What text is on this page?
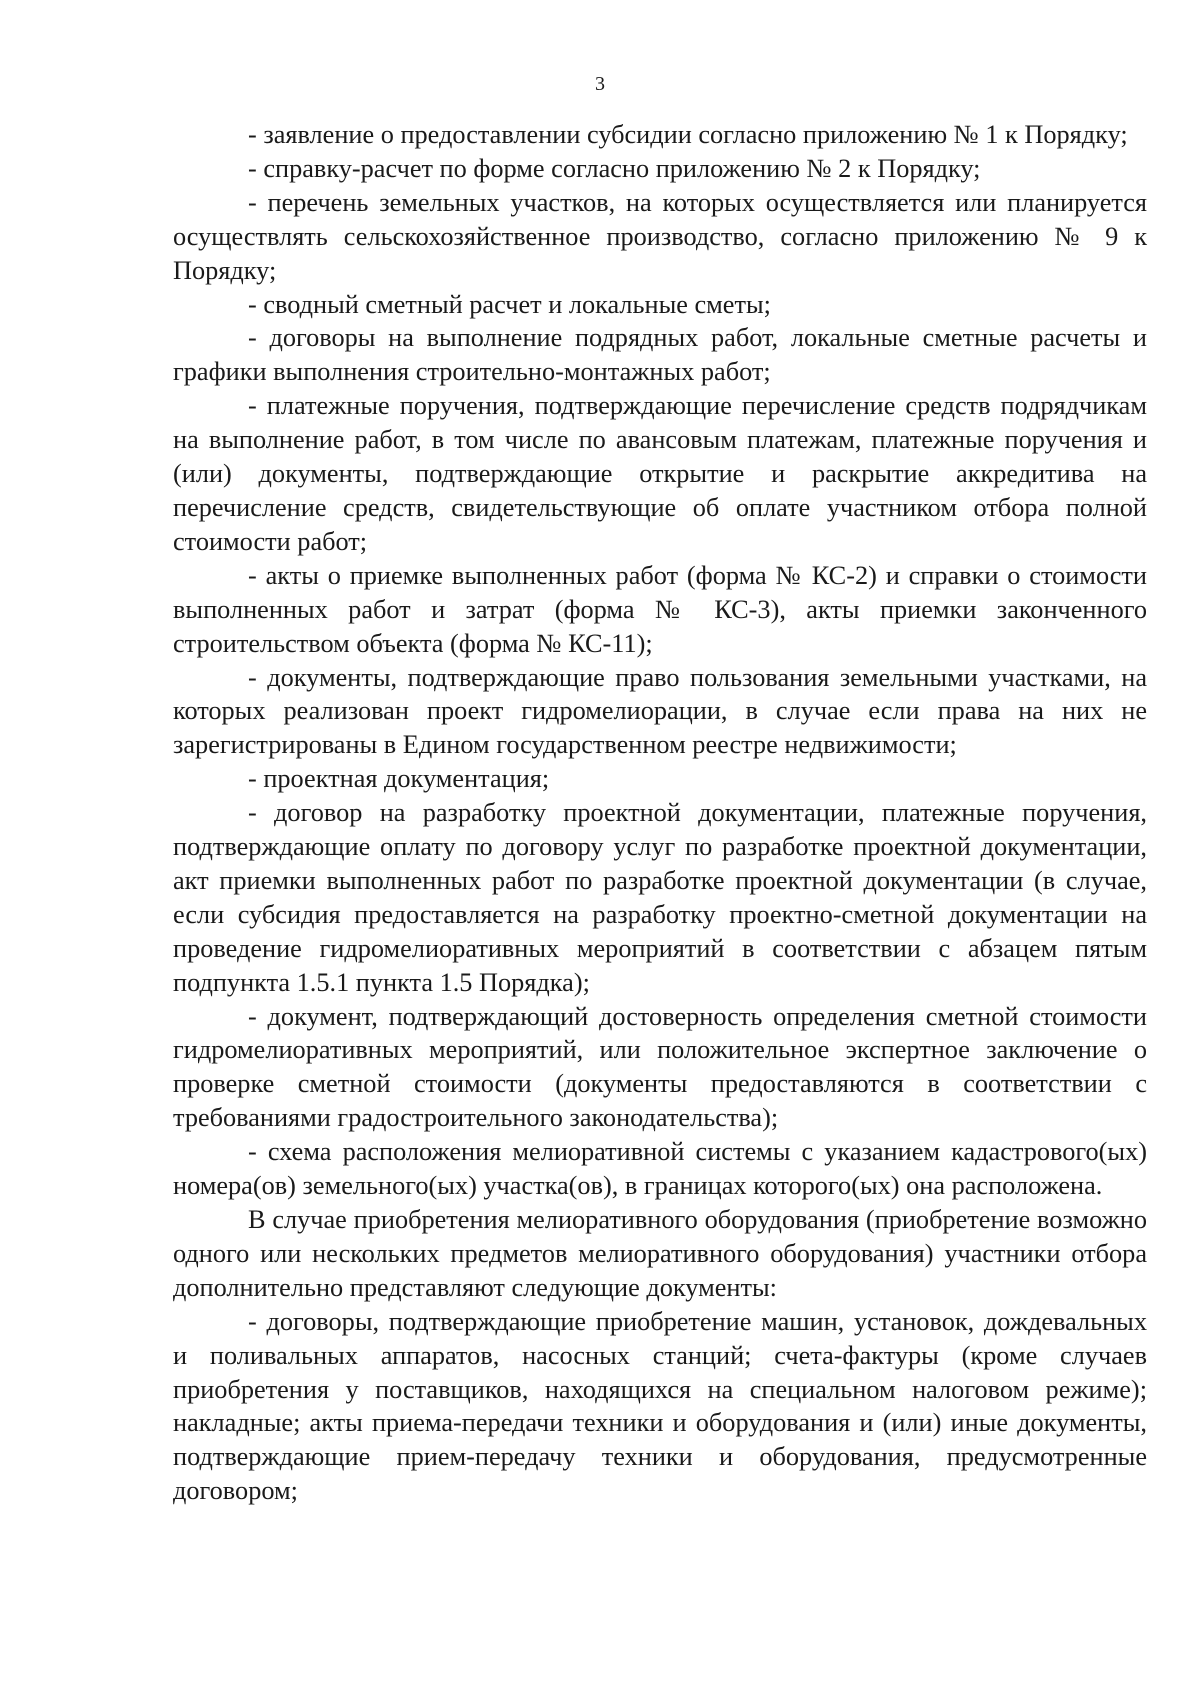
3

- заявление о предоставлении субсидии согласно приложению № 1 к Порядку;

- справку-расчет по форме согласно приложению № 2 к Порядку;

- перечень земельных участков, на которых осуществляется или планируется осуществлять сельскохозяйственное производство, согласно приложению № 9 к Порядку;

- сводный сметный расчет и локальные сметы;

- договоры на выполнение подрядных работ, локальные сметные расчеты и графики выполнения строительно-монтажных работ;

- платежные поручения, подтверждающие перечисление средств подрядчикам на выполнение работ, в том числе по авансовым платежам, платежные поручения и (или) документы, подтверждающие открытие и раскрытие аккредитива на перечисление средств, свидетельствующие об оплате участником отбора полной стоимости работ;

- акты о приемке выполненных работ (форма № КС-2) и справки о стоимости выполненных работ и затрат (форма № КС-3), акты приемки законченного строительством объекта (форма № КС-11);

- документы, подтверждающие право пользования земельными участками, на которых реализован проект гидромелиорации, в случае если права на них не зарегистрированы в Едином государственном реестре недвижимости;

- проектная документация;

- договор на разработку проектной документации, платежные поручения, подтверждающие оплату по договору услуг по разработке проектной документации, акт приемки выполненных работ по разработке проектной документации (в случае, если субсидия предоставляется на разработку проектно-сметной документации на проведение гидромелиоративных мероприятий в соответствии с абзацем пятым подпункта 1.5.1 пункта 1.5 Порядка);

- документ, подтверждающий достоверность определения сметной стоимости гидромелиоративных мероприятий, или положительное экспертное заключение о проверке сметной стоимости (документы предоставляются в соответствии с требованиями градостроительного законодательства);

- схема расположения мелиоративной системы с указанием кадастрового(ых) номера(ов) земельного(ых) участка(ов), в границах которого(ых) она расположена.

В случае приобретения мелиоративного оборудования (приобретение возможно одного или нескольких предметов мелиоративного оборудования) участники отбора дополнительно представляют следующие документы:

- договоры, подтверждающие приобретение машин, установок, дождевальных и поливальных аппаратов, насосных станций; счета-фактуры (кроме случаев приобретения у поставщиков, находящихся на специальном налоговом режиме); накладные; акты приема-передачи техники и оборудования и (или) иные документы, подтверждающие прием-передачу техники и оборудования, предусмотренные договором;
